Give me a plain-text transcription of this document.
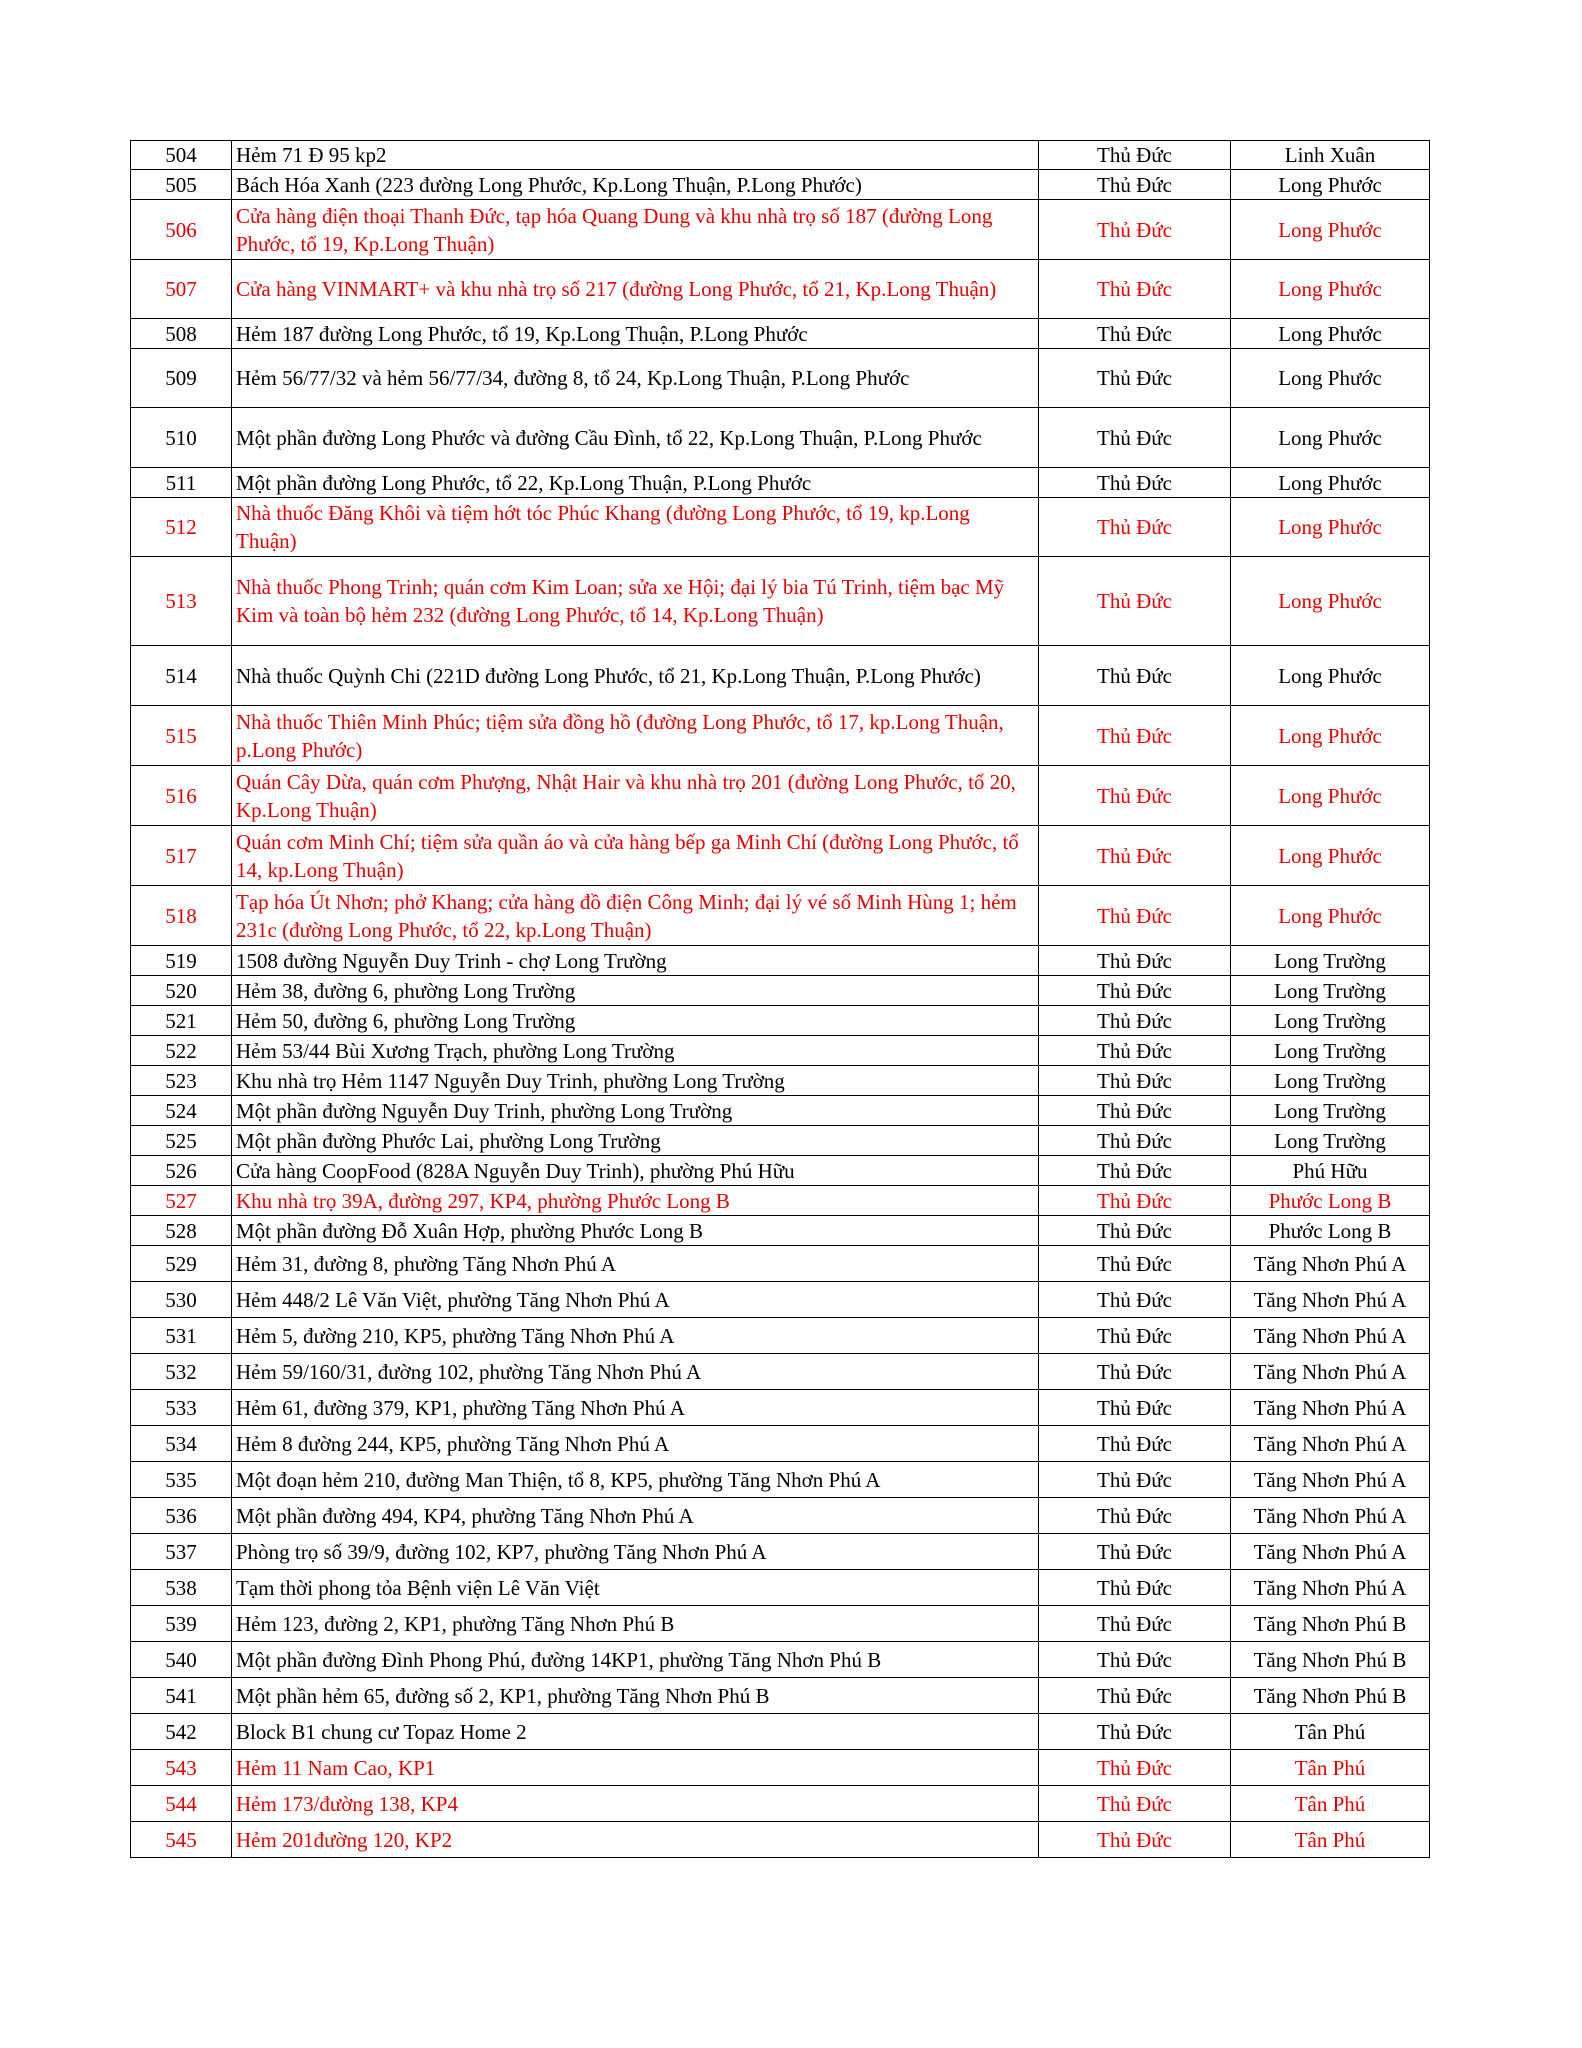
504	Hẻm 71 Đ 95 kp2	Thủ Đức	Linh Xuân
505	Bách Hóa Xanh (223 đường Long Phước, Kp.Long Thuận, P.Long Phước)	Thủ Đức	Long Phước
506	Cửa hàng điện thoại Thanh Đức, tạp hóa Quang Dung và khu nhà trọ số 187 (đường Long Phước, tổ 19, Kp.Long Thuận)	Thủ Đức	Long Phước
507	Cửa hàng VINMART+ và khu nhà trọ số 217 (đường Long Phước, tổ 21, Kp.Long Thuận)	Thủ Đức	Long Phước
508	Hẻm 187 đường Long Phước, tổ 19, Kp.Long Thuận, P.Long Phước	Thủ Đức	Long Phước
509	Hẻm 56/77/32 và hẻm 56/77/34, đường 8, tổ 24, Kp.Long Thuận, P.Long Phước	Thủ Đức	Long Phước
510	Một phần đường Long Phước và đường Cầu Đình, tổ 22, Kp.Long Thuận, P.Long Phước	Thủ Đức	Long Phước
511	Một phần đường Long Phước, tổ 22, Kp.Long Thuận, P.Long Phước	Thủ Đức	Long Phước
512	Nhà thuốc Đăng Khôi và tiệm hớt tóc Phúc Khang (đường Long Phước, tổ 19, kp.Long Thuận)	Thủ Đức	Long Phước
513	Nhà thuốc Phong Trinh; quán cơm Kim Loan; sửa xe Hội; đại lý bia Tú Trinh, tiệm bạc Mỹ Kim và toàn bộ hẻm 232 (đường Long Phước, tổ 14, Kp.Long Thuận)	Thủ Đức	Long Phước
514	Nhà thuốc Quỳnh Chi (221D đường Long Phước, tổ 21, Kp.Long Thuận, P.Long Phước)	Thủ Đức	Long Phước
515	Nhà thuốc Thiên Minh Phúc; tiệm sửa đồng hồ (đường Long Phước, tổ 17, kp.Long Thuận, p.Long Phước)	Thủ Đức	Long Phước
516	Quán Cây Dừa, quán cơm Phượng, Nhật Hair và khu nhà trọ 201 (đường Long Phước, tổ 20, Kp.Long Thuận)	Thủ Đức	Long Phước
517	Quán cơm Minh Chí; tiệm sửa quần áo và cửa hàng bếp ga Minh Chí (đường Long Phước, tổ 14, kp.Long Thuận)	Thủ Đức	Long Phước
518	Tạp hóa Út Nhơn; phở Khang; cửa hàng đồ điện Công Minh; đại lý vé số Minh Hùng 1; hẻm 231c (đường Long Phước, tổ 22, kp.Long Thuận)	Thủ Đức	Long Phước
519	1508 đường Nguyễn Duy Trinh - chợ Long Trường	Thủ Đức	Long Trường
520	Hẻm 38, đường 6, phường Long Trường	Thủ Đức	Long Trường
521	Hẻm 50, đường 6, phường Long Trường	Thủ Đức	Long Trường
522	Hẻm 53/44 Bùi Xương Trạch, phường Long Trường	Thủ Đức	Long Trường
523	Khu nhà trọ Hẻm 1147 Nguyễn Duy Trinh, phường Long Trường	Thủ Đức	Long Trường
524	Một phần đường Nguyễn Duy Trinh, phường Long Trường	Thủ Đức	Long Trường
525	Một phần đường Phước Lai, phường Long Trường	Thủ Đức	Long Trường
526	Cửa hàng CoopFood (828A Nguyễn Duy Trinh), phường Phú Hữu	Thủ Đức	Phú Hữu
527	Khu nhà trọ 39A, đường 297, KP4, phường Phước Long B	Thủ Đức	Phước Long B
528	Một phần đường Đỗ Xuân Hợp, phường Phước Long B	Thủ Đức	Phước Long B
529	Hẻm 31, đường 8, phường Tăng Nhơn Phú A	Thủ Đức	Tăng Nhơn Phú A
530	Hẻm 448/2 Lê Văn Việt, phường Tăng Nhơn Phú A	Thủ Đức	Tăng Nhơn Phú A
531	Hẻm 5, đường 210, KP5, phường Tăng Nhơn Phú A	Thủ Đức	Tăng Nhơn Phú A
532	Hẻm 59/160/31, đường 102, phường Tăng Nhơn Phú A	Thủ Đức	Tăng Nhơn Phú A
533	Hẻm 61, đường 379, KP1, phường Tăng Nhơn Phú A	Thủ Đức	Tăng Nhơn Phú A
534	Hẻm 8 đường 244, KP5, phường Tăng Nhơn Phú A	Thủ Đức	Tăng Nhơn Phú A
535	Một đoạn hẻm 210, đường Man Thiện, tổ 8, KP5, phường Tăng Nhơn Phú A	Thủ Đức	Tăng Nhơn Phú A
536	Một phần đường 494, KP4, phường Tăng Nhơn Phú A	Thủ Đức	Tăng Nhơn Phú A
537	Phòng trọ số 39/9, đường 102, KP7, phường Tăng Nhơn Phú A	Thủ Đức	Tăng Nhơn Phú A
538	Tạm thời phong tỏa Bệnh viện Lê Văn Việt	Thủ Đức	Tăng Nhơn Phú A
539	Hẻm 123, đường 2, KP1, phường Tăng Nhơn Phú B	Thủ Đức	Tăng Nhơn Phú B
540	Một phần đường Đình Phong Phú, đường 14KP1, phường Tăng Nhơn Phú B	Thủ Đức	Tăng Nhơn Phú B
541	Một phần hẻm 65, đường số 2, KP1, phường Tăng Nhơn Phú B	Thủ Đức	Tăng Nhơn Phú B
542	Block B1 chung cư Topaz Home 2	Thủ Đức	Tân Phú
543	Hẻm 11 Nam Cao, KP1	Thủ Đức	Tân Phú
544	Hẻm 173/đường 138, KP4	Thủ Đức	Tân Phú
545	Hẻm 201đường 120, KP2	Thủ Đức	Tân Phú
